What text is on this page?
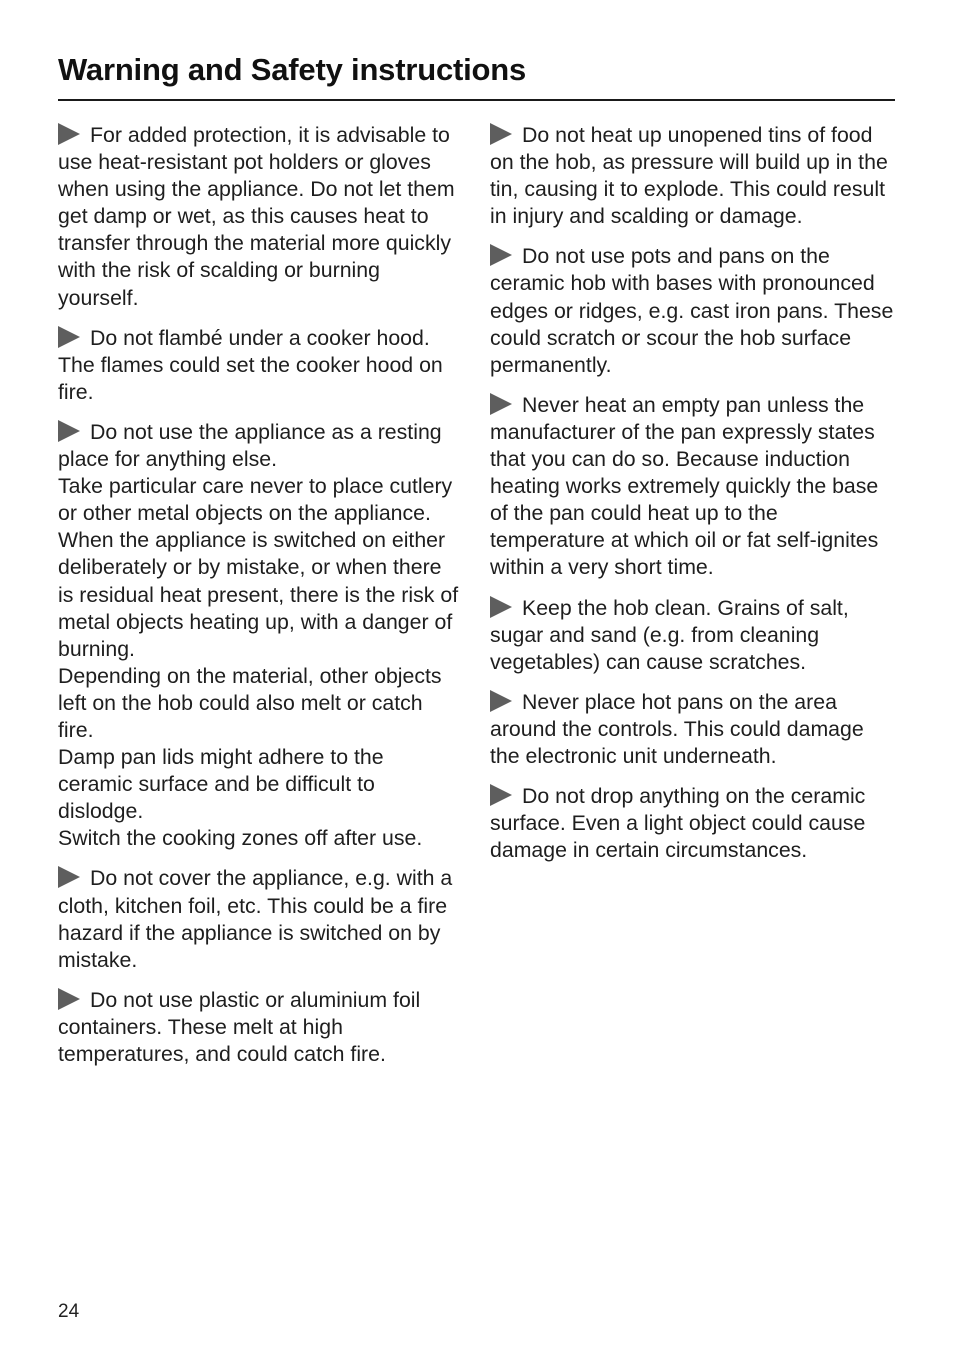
Warning and Safety instructions

For added protection, it is advisable to use heat-resistant pot holders or gloves when using the appliance. Do not let them get damp or wet, as this causes heat to transfer through the material more quickly with the risk of scalding or burning yourself.

Do not flambé under a cooker hood. The flames could set the cooker hood on fire.

Do not use the appliance as a resting place for anything else.

Take particular care never to place cutlery or other metal objects on the appliance. When the appliance is switched on either deliberately or by mistake, or when there is residual heat present, there is the risk of metal objects heating up, with a danger of burning.

Depending on the material, other objects left on the hob could also melt or catch fire.

Damp pan lids might adhere to the ceramic surface and be difficult to dislodge.

Switch the cooking zones off after use.

Do not cover the appliance, e.g. with a cloth, kitchen foil, etc. This could be a fire hazard if the appliance is switched on by mistake.

Do not use plastic or aluminium foil containers. These melt at high temperatures, and could catch fire.

Do not heat up unopened tins of food on the hob, as pressure will build up in the tin, causing it to explode. This could result in injury and scalding or damage.

Do not use pots and pans on the ceramic hob with bases with pronounced edges or ridges, e.g. cast iron pans. These could scratch or scour the hob surface permanently.

Never heat an empty pan unless the manufacturer of the pan expressly states that you can do so. Because induction heating works extremely quickly the base of the pan could heat up to the temperature at which oil or fat self-ignites within a very short time.

Keep the hob clean. Grains of salt, sugar and sand (e.g. from cleaning vegetables) can cause scratches.

Never place hot pans on the area around the controls. This could damage the electronic unit underneath.

Do not drop anything on the ceramic surface. Even a light object could cause damage in certain circumstances.

24
